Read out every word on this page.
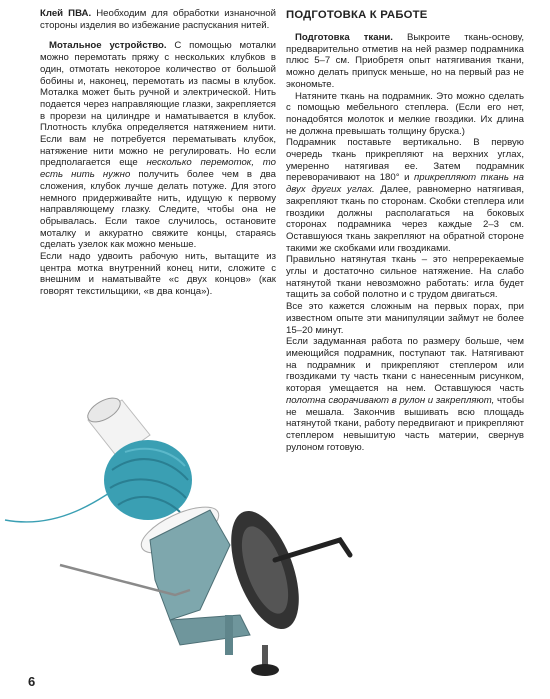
Клей ПВА. Необходим для обработки изнаночной стороны изделия во избежание распускания нитей.

Мотальное устройство. С помощью моталки можно перемотать пряжу с нескольких клубков в один, отмотать некоторое количество от большой бобины и, наконец, перемотать из пасмы в клубок. Моталка может быть ручной и электрической. Нить подается через направляющие глазки, закрепляется в прорези на цилиндре и наматывается в клубок. Плотность клубка определяется натяжением нити. Если вам не потребуется перематывать клубок, натяжение нити можно не регулировать. Но если предполагается еще несколько перемоток, то есть нить нужно получить более чем в два сложения, клубок лучше делать потуже. Для этого немного придерживайте нить, идущую к первому направляющему глазку. Следите, чтобы она не обрывалась. Если такое случилось, остановите моталку и аккуратно свяжите концы, стараясь сделать узелок как можно меньше.

Если надо удвоить рабочую нить, вытащите из центра мотка внутренний конец нити, сложите с внешним и наматывайте «с двух концов» (как говорят текстильщики, «в два конца»).

ПОДГОТОВКА К РАБОТЕ

Подготовка ткани. Выкроите ткань-основу, предварительно отметив на ней размер подрамника плюс 5–7 см. Приобретя опыт натягивания ткани, можно делать припуск меньше, но на первый раз не экономьте.

Натяните ткань на подрамник. Это можно сделать с помощью мебельного степлера. (Если его нет, понадобятся молоток и мелкие гвоздики. Их длина не должна превышать толщину бруска.)

Подрамник поставьте вертикально. В первую очередь ткань прикрепляют на верхних углах, умеренно натягивая ее. Затем подрамник переворачивают на 180° и прикрепляют ткань на двух других углах. Далее, равномерно натягивая, закрепляют ткань по сторонам. Скобки степлера или гвоздики должны располагаться на боковых сторонах подрамника через каждые 2–3 см. Оставшуюся ткань закрепляют на обратной стороне такими же скобками или гвоздиками.

Правильно натянутая ткань – это непререкаемые углы и достаточно сильное натяжение. На слабо натянутой ткани невозможно работать: игла будет тащить за собой полотно и с трудом двигаться.

Все это кажется сложным на первых порах, при известном опыте эти манипуляции займут не более 15–20 минут.

Если задуманная работа по размеру больше, чем имеющийся подрамник, поступают так. Натягивают на подрамник и прикрепляют степлером или гвоздиками ту часть ткани с нанесенным рисунком, которая умещается на нем. Оставшуюся часть полотна сворачивают в рулон и закрепляют, чтобы не мешала. Закончив вышивать всю площадь натянутой ткани, работу передвигают и прикрепляют степлером невышитую часть материи, свернув рулоном готовую.

6
